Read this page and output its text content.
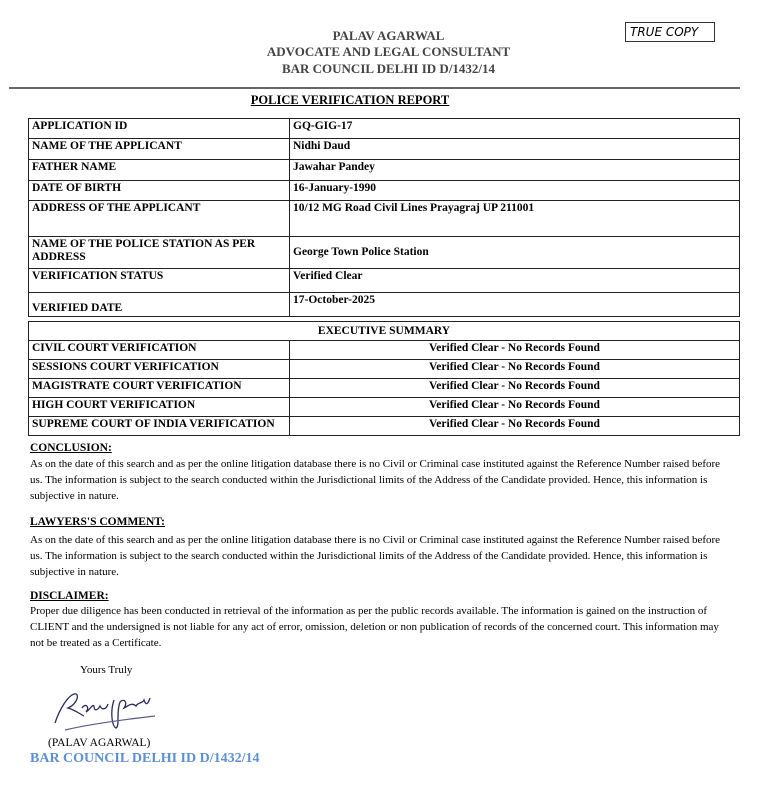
PALAV AGARWAL
ADVOCATE AND LEGAL CONSULTANT
BAR COUNCIL DELHI ID D/1432/14
TRUE COPY
POLICE VERIFICATION REPORT
APPLICATION ID	GQ-GIG-17
NAME OF THE APPLICANT	Nidhi Daud
FATHER NAME	Jawahar Pandey
DATE OF BIRTH	16-January-1990
ADDRESS OF THE APPLICANT	10/12 MG Road Civil Lines Prayagraj UP 211001
NAME OF THE POLICE STATION AS PER ADDRESS	George Town Police Station
VERIFICATION STATUS	Verified Clear
VERIFIED DATE	17-October-2025
EXECUTIVE SUMMARY	
CIVIL COURT VERIFICATION	Verified Clear - No Records Found
SESSIONS COURT VERIFICATION	Verified Clear - No Records Found
MAGISTRATE COURT VERIFICATION	Verified Clear - No Records Found
HIGH COURT VERIFICATION	Verified Clear - No Records Found
SUPREME COURT OF INDIA VERIFICATION	Verified Clear - No Records Found
CONCLUSION:
As on the date of this search and as per the online litigation database there is no Civil or Criminal case instituted against the Reference Number raised before us. The information is subject to the search conducted within the Jurisdictional limits of the Address of the Candidate provided. Hence, this information is subjective in nature.
LAWYERS'S COMMENT:
As on the date of this search and as per the online litigation database there is no Civil or Criminal case instituted against the Reference Number raised before us. The information is subject to the search conducted within the Jurisdictional limits of the Address of the Candidate provided. Hence, this information is subjective in nature.
DISCLAIMER:
Proper due diligence has been conducted in retrieval of the information as per the public records available. The information is gained on the instruction of CLIENT and the undersigned is not liable for any act of error, omission, deletion or non publication of records of the concerned court. This information may not be treated as a Certificate.
Yours Truly
(PALAV AGARWAL)
BAR COUNCIL DELHI ID D/1432/14
